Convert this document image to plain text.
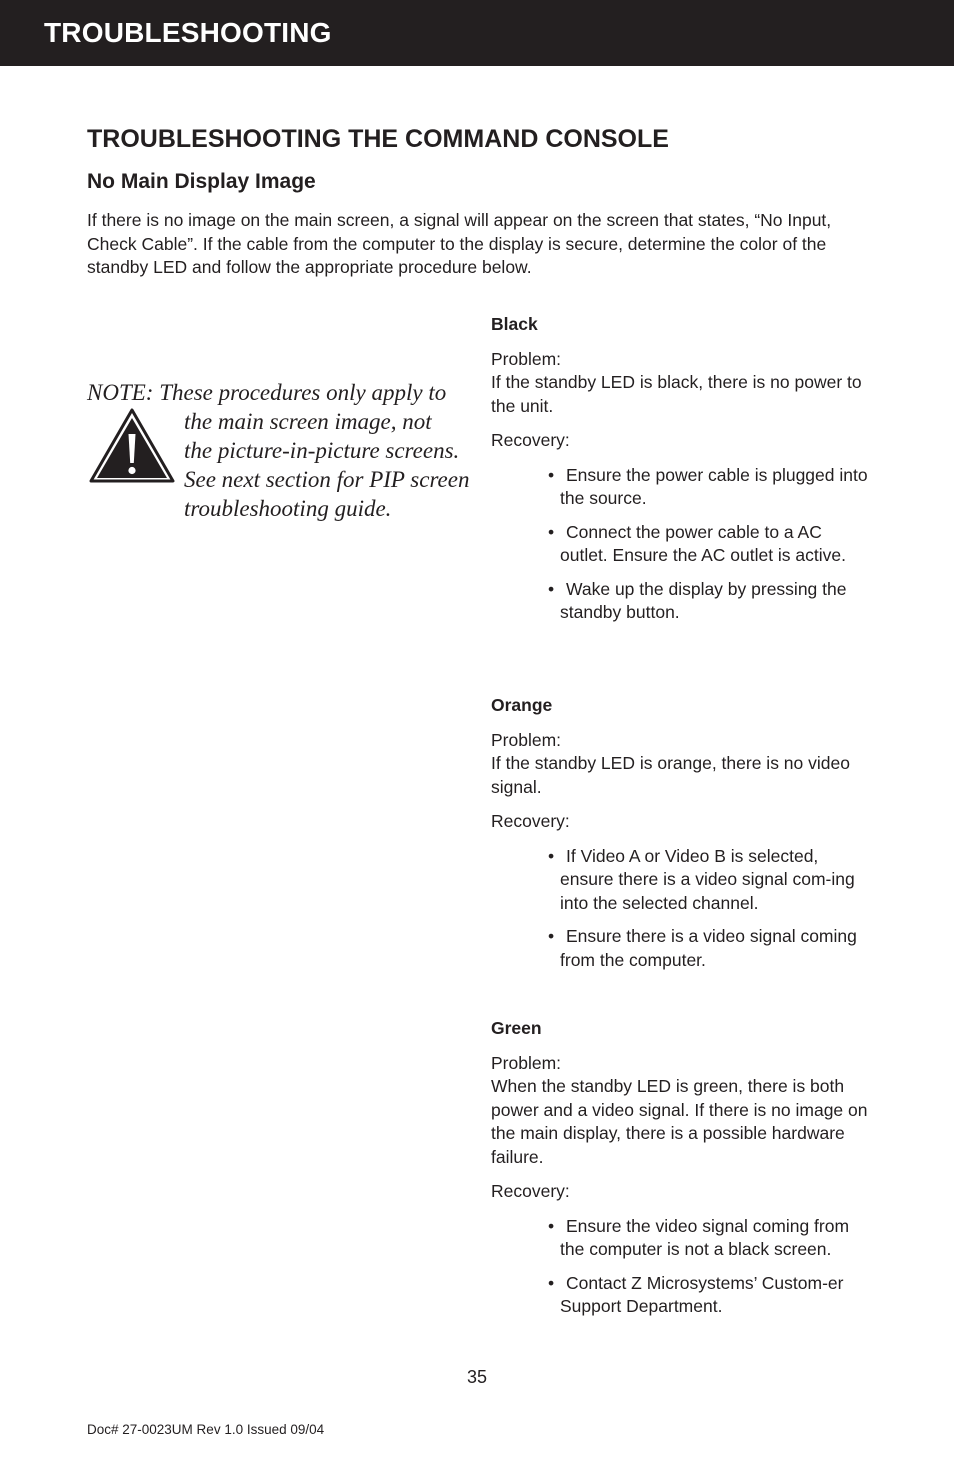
TROUBLESHOOTING
TROUBLESHOOTING THE COMMAND CONSOLE
No Main Display Image

If there is no image on the main screen, a signal will appear on the screen that states, “No Input, Check Cable”. If the cable from the computer to the display is secure, determine the color of the standby LED and follow the appropriate procedure below.

NOTE: These procedures only apply to
the main screen image, not
the picture-in-picture screens.
See next section for PIP screen
troubleshooting guide.
Black
Problem:
If the standby LED is black, there is no power to the unit.
Recovery:
• Ensure the power cable is plugged into the source.
• Connect the power cable to a AC outlet. Ensure the AC outlet is active.
• Wake up the display by pressing the standby button.
Orange
Problem:
If the standby LED is orange, there is no video signal.
Recovery:
• If Video A or Video B is selected, ensure there is a video signal com-ing into the selected channel.
• Ensure there is a video signal coming from the computer.
Green
Problem:
When the standby LED is green, there is both power and a video signal. If there is no image on the main display, there is a possible hardware failure.
Recovery:
• Ensure the video signal coming from the computer is not a black screen.
• Contact Z Microsystems’ Custom-er Support Department.
35
Doc# 27-0023UM Rev 1.0 Issued 09/04
